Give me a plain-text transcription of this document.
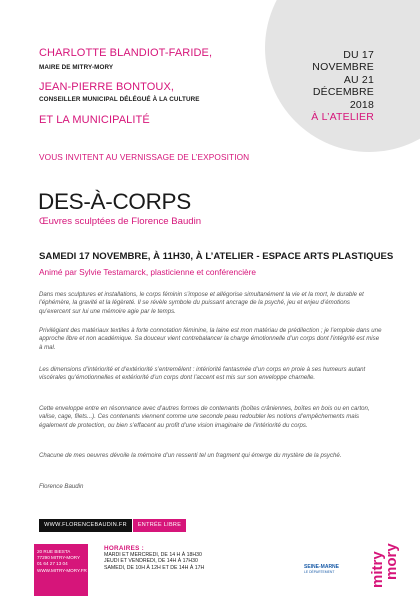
DU 17
NOVEMBRE
AU 21
DÉCEMBRE
2018
À L’ATELIER
CHARLOTTE BLANDIOT-FARIDE,
MAIRE DE MITRY-MORY
JEAN-PIERRE BONTOUX,
CONSEILLER MUNICIPAL DÉLÉGUÉ À LA CULTURE
ET LA MUNICIPALITÉ
VOUS INVITENT AU VERNISSAGE DE L’EXPOSITION
DES-À-CORPS
Œuvres sculptées de Florence Baudin
SAMEDI 17 NOVEMBRE, À 11H30, À L’ATELIER - ESPACE ARTS PLASTIQUES
Animé par Sylvie Testamarck, plasticienne et conférencière

Dans mes sculptures et installations, le corps féminin s’impose et allégorise simultanément la vie et la mort, le durable et l’éphémère, la gravité et la légèreté. Il se révèle symbole du puissant ancrage de la psyché, jeu et enjeu d’émotions qu’exercent sur lui une mémoire agie par le temps.

Privilégiant des matériaux textiles à forte connotation féminine, la laine est mon matériau de prédilection ; je l’emploie dans une approche libre et non académique. Sa douceur vient contrebalancer la charge émotionnelle d’un corps dont l’intégrité est mise à mal.

Les dimensions d’intériorité et d’extériorité s’entremêlent : intériorité fantasmée d’un corps en proie à ses humeurs autant viscérales qu’émotionnelles et extériorité d’un corps dont l’accent est mis sur son enveloppe charnelle.

Cette enveloppe entre en résonnance avec d’autres formes de contenants (boîtes crâniennes, boîtes en bois ou en carton, valise, cage, filets...). Ces contenants viennent comme une seconde peau redoubler les notions d’empêchements mais également de protection, ou bien s’effacent au profit d’une vision imaginaire de l’intériorité du corps.

Chacune de mes oeuvres dévoile la mémoire d’un ressenti tel un fragment qui émerge du mystère de la psyché.

Florence Baudin

WWW.FLORENCEBAUDIN.FR	ENTRÉE LIBRE
20 RUE BIESTA
77290 MITRY-MORY
01 64 27 13 04
WWW.MITRY-MORY.FR
HORAIRES :
MARDI ET MERCREDI, DE 14 H À 18H30
JEUDI ET VENDREDI, DE 14H À 17H30
SAMEDI, DE 10H À 12H ET DE 14H À 17H	SEINE-MARNE
LE DÉPARTEMENT mitry
mory
